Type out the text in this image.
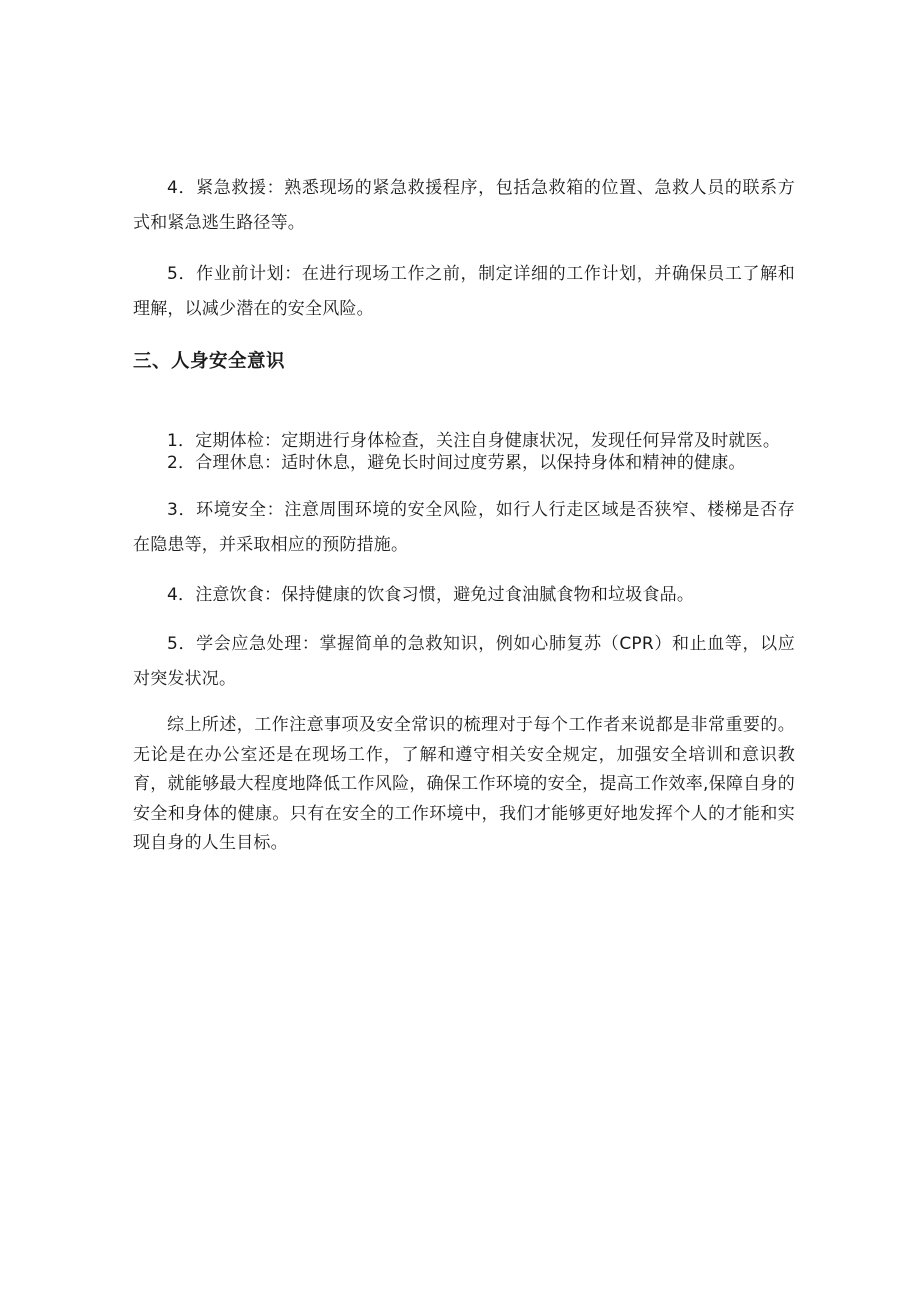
4．紧急救援：熟悉现场的紧急救援程序，包括急救箱的位置、急救人员的联系方式和紧急逃生路径等。

5．作业前计划：在进行现场工作之前，制定详细的工作计划，并确保员工了解和理解，以减少潜在的安全风险。

三、人身安全意识

1．定期体检：定期进行身体检查，关注自身健康状况，发现任何异常及时就医。

2．合理休息：适时休息，避免长时间过度劳累，以保持身体和精神的健康。

3．环境安全：注意周围环境的安全风险，如行人行走区域是否狭窄、楼梯是否存在隐患等，并采取相应的预防措施。

4．注意饮食：保持健康的饮食习惯，避免过食油腻食物和垃圾食品。

5．学会应急处理：掌握简单的急救知识，例如心肺复苏（CPR）和止血等，以应对突发状况。

综上所述，工作注意事项及安全常识的梳理对于每个工作者来说都是非常重要的。无论是在办公室还是在现场工作，了解和遵守相关安全规定，加强安全培训和意识教育，就能够最大程度地降低工作风险，确保工作环境的安全，提高工作效率,保障自身的安全和身体的健康。只有在安全的工作环境中，我们才能够更好地发挥个人的才能和实现自身的人生目标。
